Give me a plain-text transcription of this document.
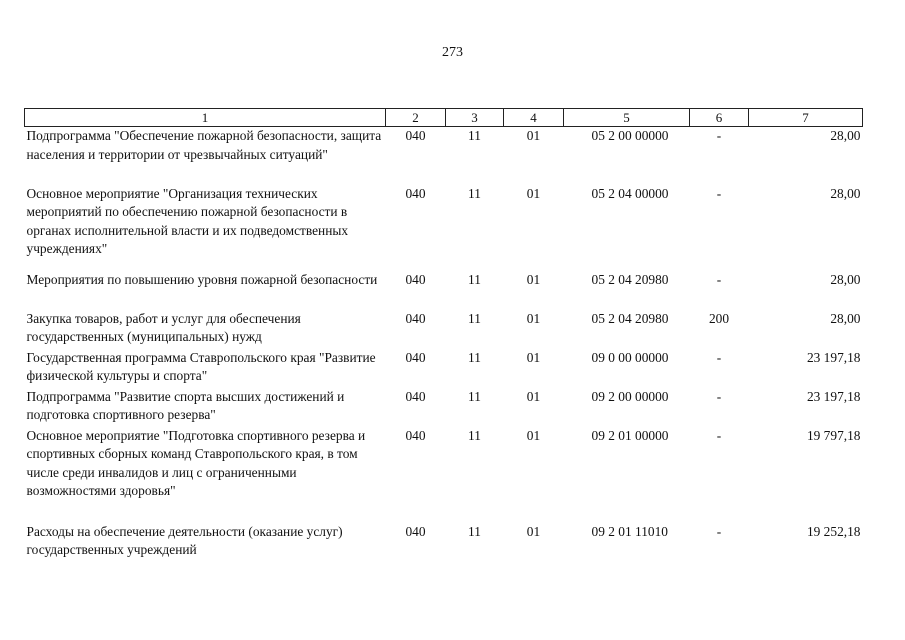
273
1	2	3	4	5	6	7
Подпрограмма "Обеспечение пожарной безопасности, защита населения и территории от чрезвычайных ситуаций"	040	11	01	05 2 00 00000	-	28,00
Основное мероприятие "Организация технических мероприятий по обеспечению пожарной безопасности в органах исполнительной власти и их подведомственных учреждениях"	040	11	01	05 2 04 00000	-	28,00
Мероприятия по повышению уровня пожарной безопасности	040	11	01	05 2 04 20980	-	28,00
Закупка товаров, работ и услуг для обеспечения государственных (муниципальных) нужд	040	11	01	05 2 04 20980	200	28,00
Государственная программа Ставропольского края "Развитие физической культуры и спорта"	040	11	01	09 0 00 00000	-	23 197,18
Подпрограмма "Развитие спорта высших достижений и подготовка спортивного резерва"	040	11	01	09 2 00 00000	-	23 197,18
Основное мероприятие "Подготовка спортивного резерва и спортивных сборных команд Ставропольского края, в том числе среди инвалидов и лиц с ограниченными возможностями здоровья"	040	11	01	09 2 01 00000	-	19 797,18
Расходы на обеспечение деятельности (оказание услуг) государственных учреждений	040	11	01	09 2 01 11010	-	19 252,18
